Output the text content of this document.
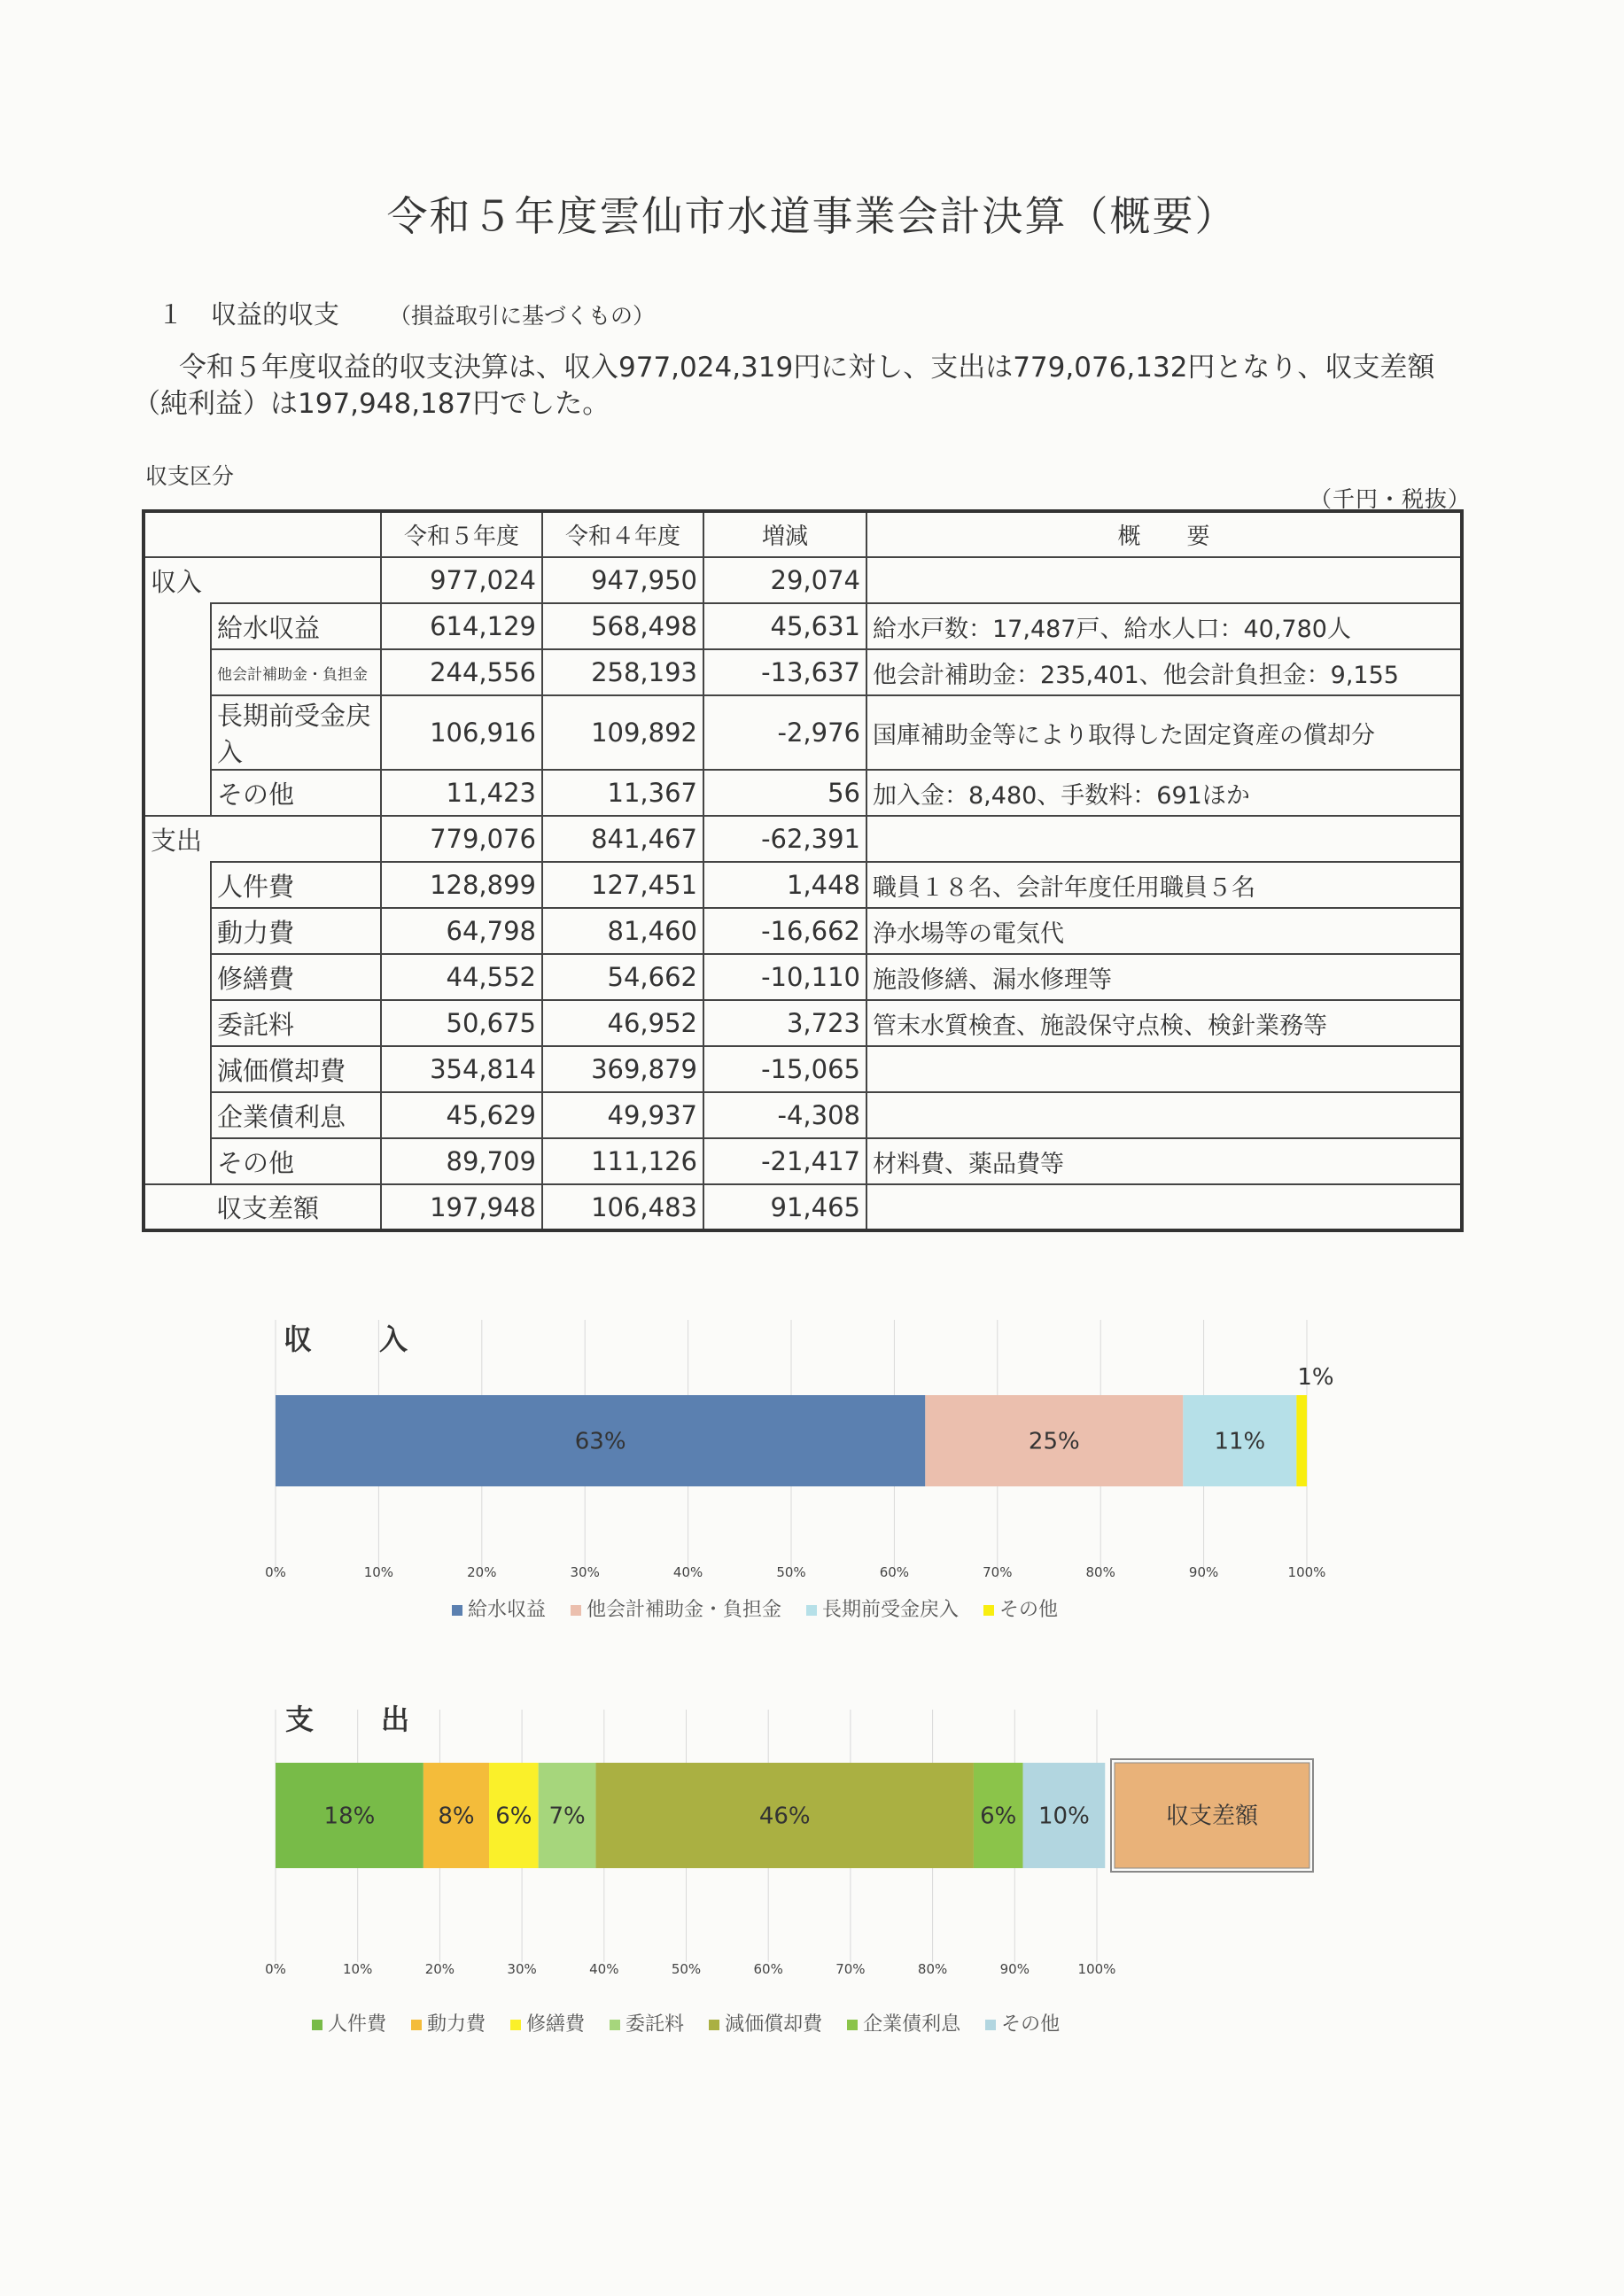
令和５年度雲仙市水道事業会計決算（概要）
１ 収益的収支 （損益取引に基づくもの）
令和５年度収益的収支決算は、収入977,024,319円に対し、支出は779,076,132円となり、収支差額（純利益）は197,948,187円でした。
収支区分
（千円・税抜）
		令和５年度	令和４年度	増減	概　　要
収入		977,024	947,950	29,074	
	給水収益	614,129	568,498	45,631	給水戸数：17,487戸、給水人口：40,780人
	他会計補助金・負担金	244,556	258,193	-13,637	他会計補助金：235,401、他会計負担金：9,155
	長期前受金戻入	106,916	109,892	-2,976	国庫補助金等により取得した固定資産の償却分
	その他	11,423	11,367	56	加入金：8,480、手数料：691ほか
支出		779,076	841,467	-62,391	
	人件費	128,899	127,451	1,448	職員１８名、会計年度任用職員５名
	動力費	64,798	81,460	-16,662	浄水場等の電気代
	修繕費	44,552	54,662	-10,110	施設修繕、漏水修理等
	委託料	50,675	46,952	3,723	管末水質検査、施設保守点検、検針業務等
	減価償却費	354,814	369,879	-15,065	
	企業債利息	45,629	49,937	-4,308	
	その他	89,709	111,126	-21,417	材料費、薬品費等
収支差額		197,948	106,483	91,465	
収　入
0%	10%	20%	30%	40%	50%	60%	70%	80%	90%	100%
63%	25%	11%
1%
給水収益	他会計補助金・負担金	長期前受金戻入	その他
支　出
0%	10%	20%	30%	40%	50%	60%	70%	80%	90%	100%
18%	8% 6% 7%	46%	6% 10%	収支差額
人件費	動力費	修繕費	委託料	減価償却費	企業債利息	その他
